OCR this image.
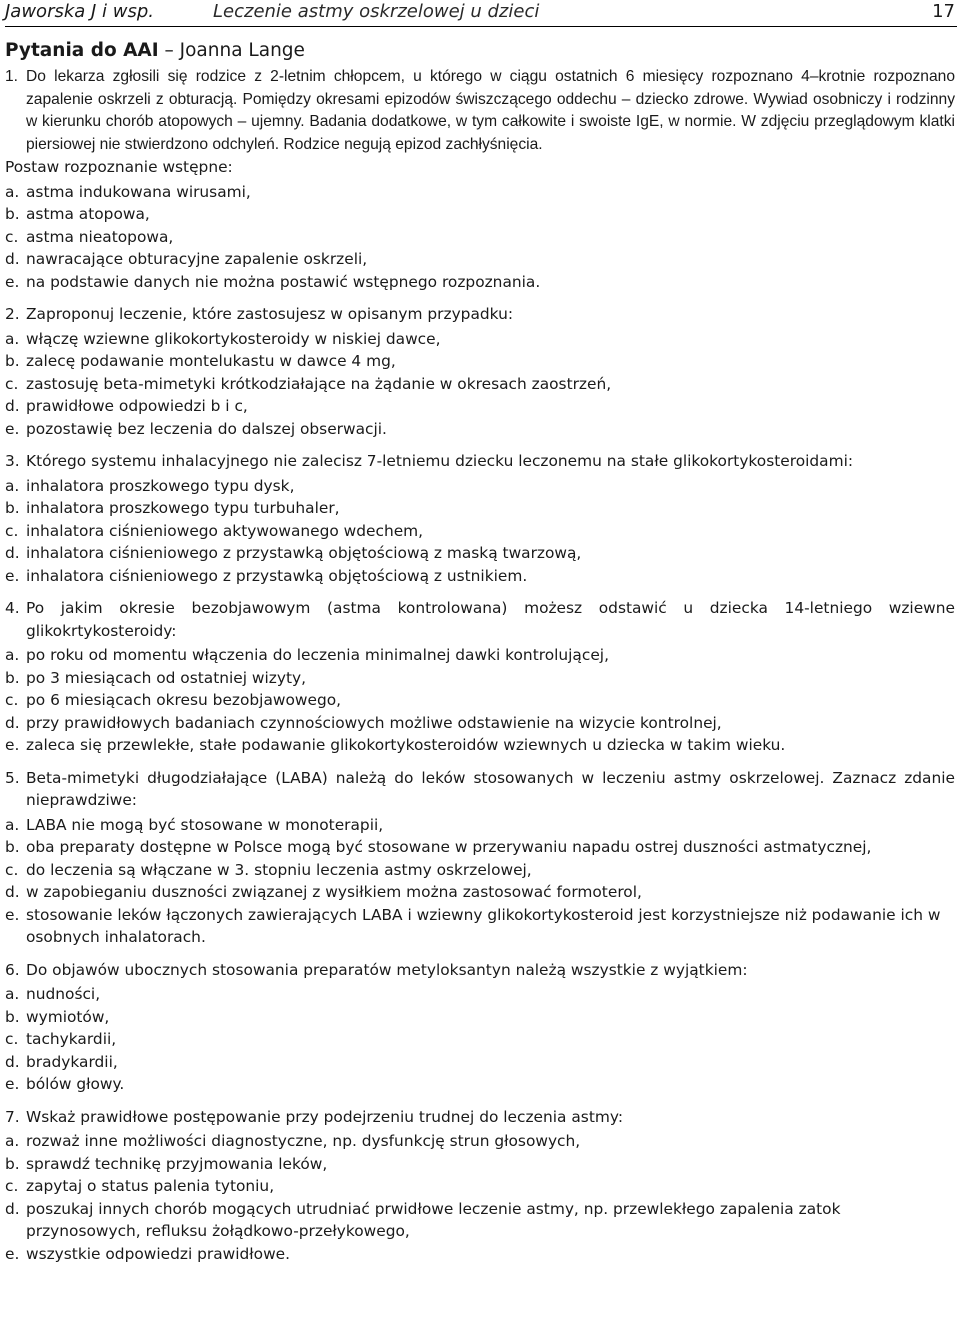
Jaworska J i wsp.	Leczenie astmy oskrzelowej u dzieci	17
Pytania do AAI – Joanna Lange
1. Do lekarza zgłosili się rodzice z 2-letnim chłopcem, u którego w ciągu ostatnich 6 miesięcy rozpoznano 4–krotnie rozpoznano zapalenie oskrzeli z obturacją. Pomiędzy okresami epizodów świszczącego oddechu – dziecko zdrowe. Wywiad osobniczy i rodzinny w kierunku chorób atopowych – ujemny. Badania dodatkowe, w tym całkowite i swoiste IgE, w normie. W zdjęciu przeglądowym klatki piersiowej nie stwierdzono odchyleń. Rodzice negują epizod zachłyśnięcia.
Postaw rozpoznanie wstępne:
a. astma indukowana wirusami,
b. astma atopowa,
c. astma nieatopowa,
d. nawracające obturacyjne zapalenie oskrzeli,
e. na podstawie danych nie można postawić wstępnego rozpoznania.
2. Zaproponuj leczenie, które zastosujesz w opisanym przypadku:
a. włączę wziewne glikokortykosteroidy w niskiej dawce,
b. zalecę podawanie montelukastu w dawce 4 mg,
c. zastosuję beta-mimetyki krótkodziałające na żądanie w okresach zaostrzeń,
d. prawidłowe odpowiedzi b i c,
e. pozostawię bez leczenia do dalszej obserwacji.
3. Którego systemu inhalacyjnego nie zalecisz 7-letniemu dziecku leczonemu na stałe glikokortykosteroidami:
a. inhalatora proszkowego typu dysk,
b. inhalatora proszkowego typu turbuhaler,
c. inhalatora ciśnieniowego aktywowanego wdechem,
d. inhalatora ciśnieniowego z przystawką objętościową z maską twarzową,
e. inhalatora ciśnieniowego z przystawką objętościową z ustnikiem.
4. Po jakim okresie bezobjawowym (astma kontrolowana) możesz odstawić u dziecka 14-letniego wziewne glikokrtykosteroidy:
a. po roku od momentu włączenia do leczenia minimalnej dawki kontrolującej,
b. po 3 miesiącach od ostatniej wizyty,
c. po 6 miesiącach okresu bezobjawowego,
d. przy prawidłowych badaniach czynnościowych możliwe odstawienie na wizycie kontrolnej,
e. zaleca się przewlekłe, stałe podawanie glikokortykosteroidów wziewnych u dziecka w takim wieku.
5. Beta-mimetyki długodziałające (LABA) należą do leków stosowanych w leczeniu astmy oskrzelowej. Zaznacz zdanie nieprawdziwe:
a. LABA nie mogą być stosowane w monoterapii,
b. oba preparaty dostępne w Polsce mogą być stosowane w przerywaniu napadu ostrej duszności astmatycznej,
c. do leczenia są włączane w 3. stopniu leczenia astmy oskrzelowej,
d. w zapobieganiu duszności związanej z wysiłkiem można zastosować formoterol,
e. stosowanie leków łączonych zawierających LABA i wziewny glikokortykosteroid jest korzystniejsze niż podawanie ich w osobnych inhalatorach.
6. Do objawów ubocznych stosowania preparatów metyloksantyn należą wszystkie z wyjątkiem:
a. nudności,
b. wymiotów,
c. tachykardii,
d. bradykardii,
e. bólów głowy.
7. Wskaż prawidłowe postępowanie przy podejrzeniu trudnej do leczenia astmy:
a. rozważ inne możliwości diagnostyczne, np. dysfunkcję strun głosowych,
b. sprawdź technikę przyjmowania leków,
c. zapytaj o status palenia tytoniu,
d. poszukaj innych chorób mogących utrudniać prwidłowe leczenie astmy, np. przewlekłego zapalenia zatok przynosowych, refluksu żołądkowo-przełykowego,
e. wszystkie odpowiedzi prawidłowe.
